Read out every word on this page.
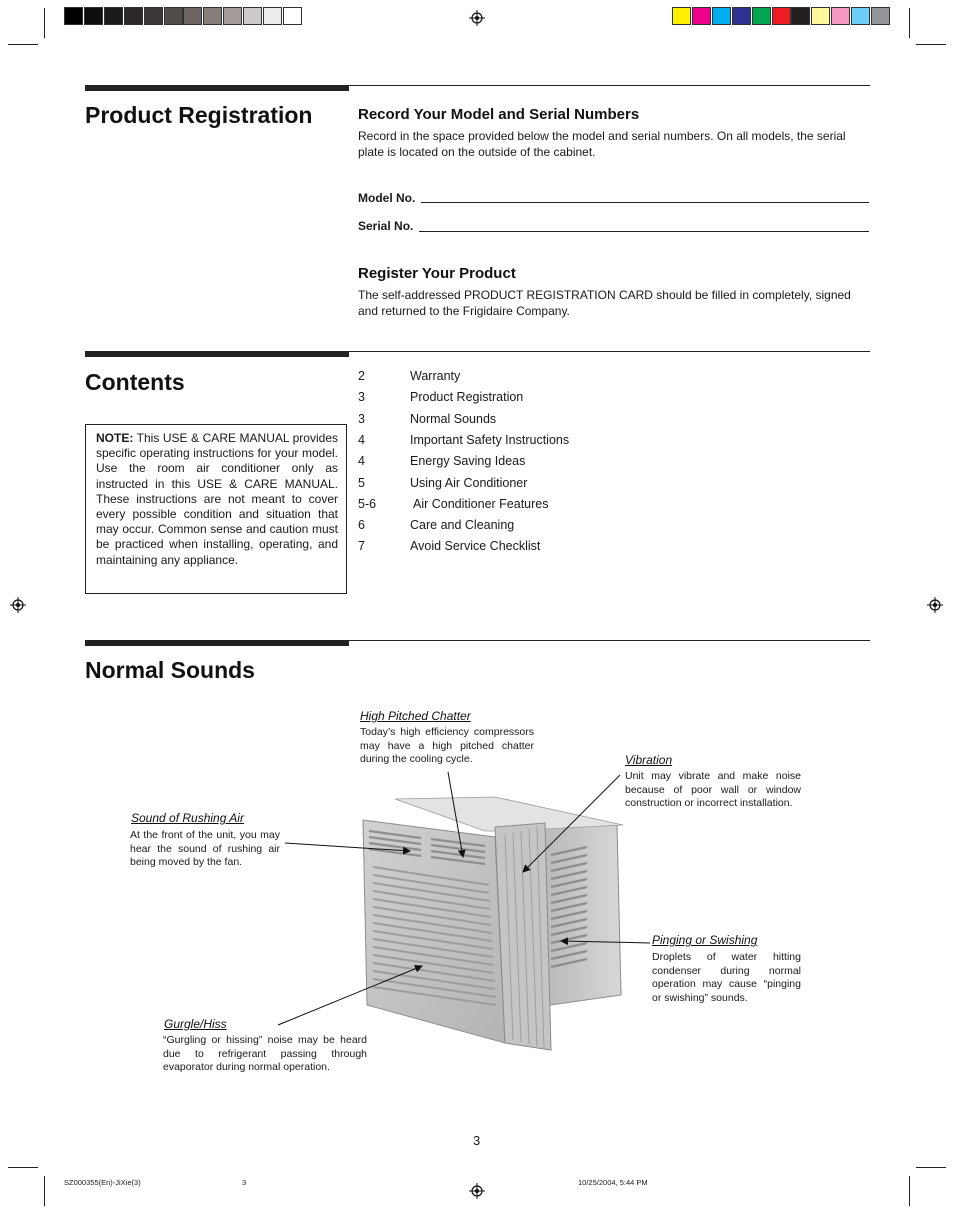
Product Registration	Record Your Model and Serial Numbers
Record in the space provided below the model and serial numbers. On all models, the serial plate is located on the outside of the cabinet.
Model No.
Serial No.
Register Your Product
The self-addressed PRODUCT REGISTRATION CARD should be filled in completely, signed and returned to the Frigidaire Company.
Contents
NOTE: This USE & CARE MANUAL provides specific operating instructions for your model. Use the room air conditioner only as instructed in this USE & CARE MANUAL. These instructions are not meant to cover every possible condition and situation that may occur. Common sense and caution must be practiced when installing, operating, and maintaining any appliance.
2	Warranty
3	Product Registration
3	Normal Sounds
4	Important Safety Instructions
4	Energy Saving Ideas
5	Using Air Conditioner
5-6	Air Conditioner Features
6	Care and Cleaning
7	Avoid Service Checklist
Normal Sounds
High Pitched Chatter
Today’s high efficiency compressors may have a high pitched chatter during the cooling cycle.	Vibration
Unit may vibrate and make noise because of poor wall or window construction or incorrect installation.
Sound of Rushing Air
At the front of the unit, you may hear the sound of rushing air being moved by the fan.
Pinging or Swishing
Droplets of water hitting condenser during normal operation may cause “pinging or swishing” sounds.
Gurgle/Hiss
“Gurgling or hissing” noise may be heard due to refrigerant passing through evaporator during normal operation.
3
SZ000355(En)-JiXie(3)	3	10/25/2004, 5:44 PM
